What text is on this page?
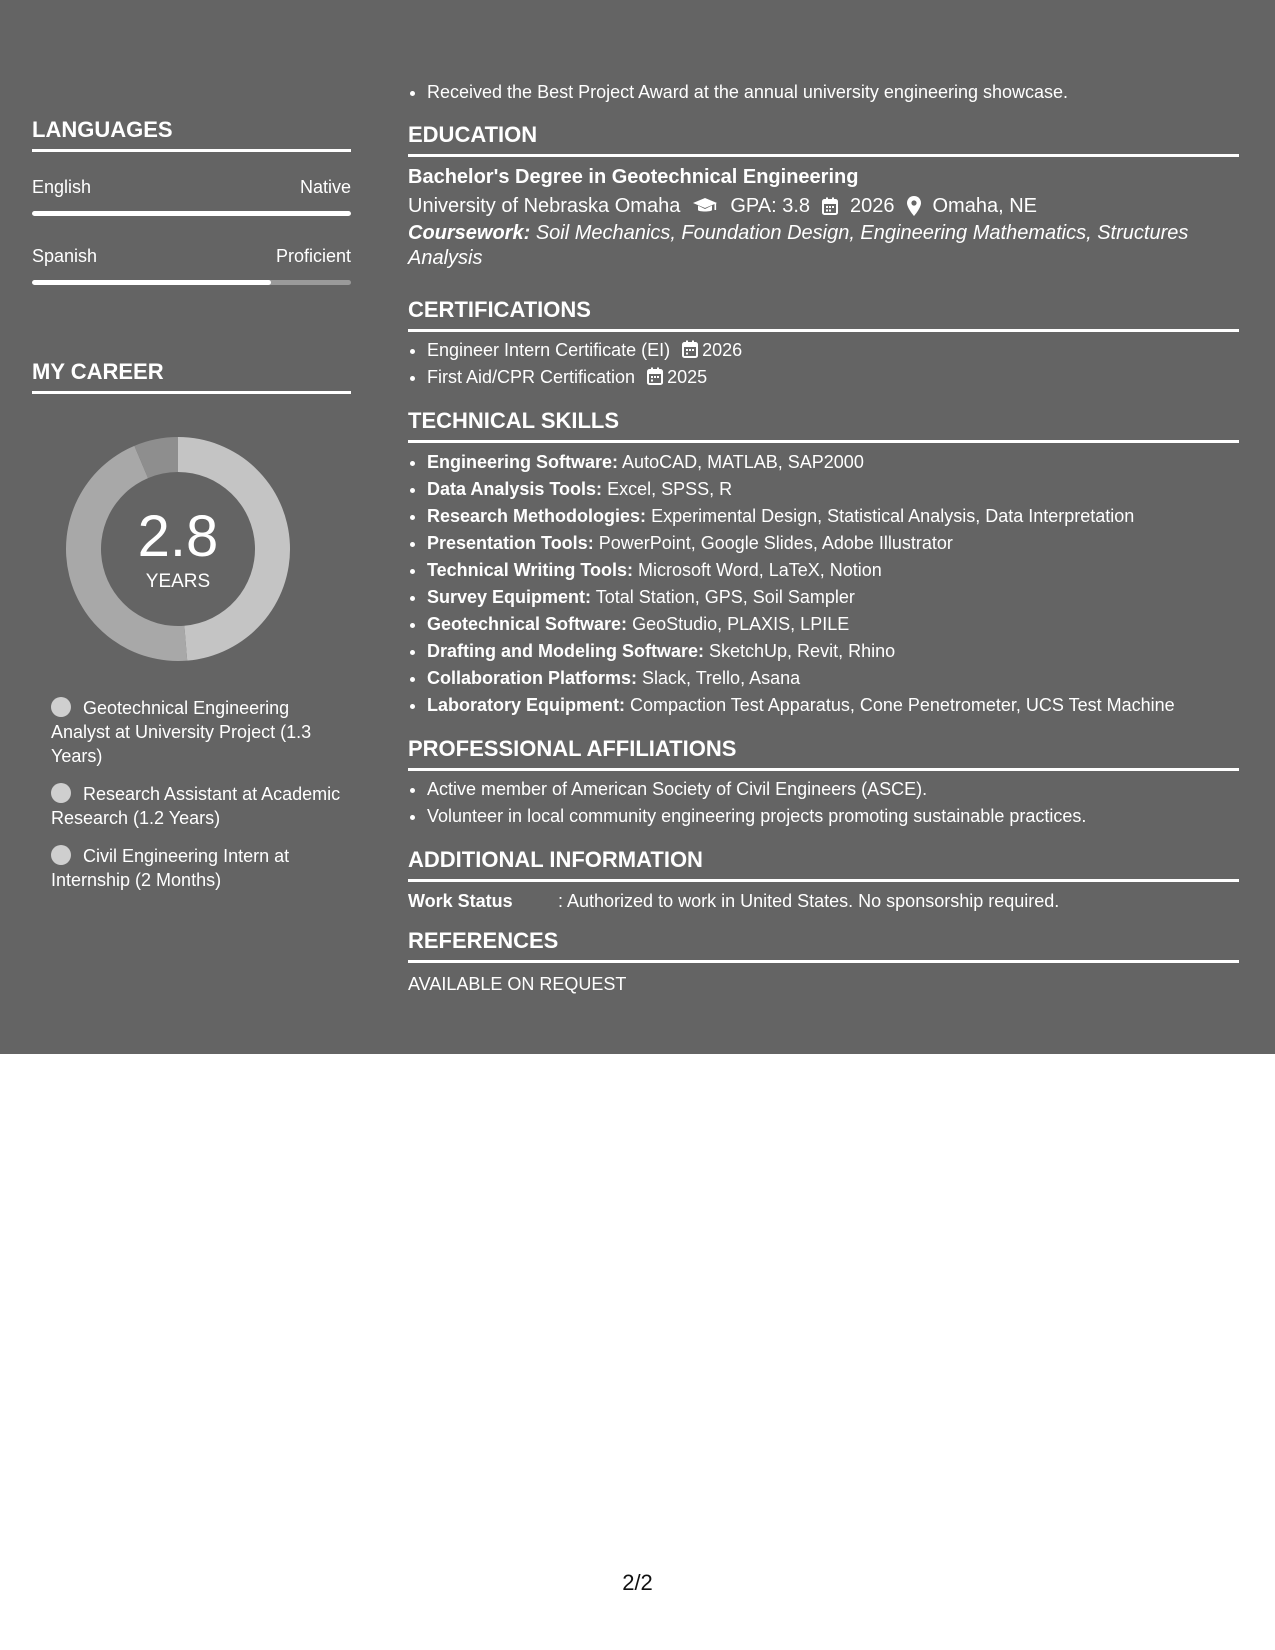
LANGUAGES
English	Native
Spanish	Proficient
MY CAREER
2.8
YEARS
Geotechnical Engineering Analyst at University Project (1.3 Years)
Research Assistant at Academic Research (1.2 Years)
Civil Engineering Intern at Internship (2 Months)
• Received the Best Project Award at the annual university engineering showcase.
EDUCATION
Bachelor's Degree in Geotechnical Engineering
University of Nebraska Omaha	GPA: 3.8 2026 Omaha, NE
Coursework: Soil Mechanics, Foundation Design, Engineering Mathematics, Structures Analysis
CERTIFICATIONS
• Engineer Intern Certificate (EI) 2026
• First Aid/CPR Certification 2025
TECHNICAL SKILLS
• Engineering Software: AutoCAD, MATLAB, SAP2000
• Data Analysis Tools: Excel, SPSS, R
• Research Methodologies: Experimental Design, Statistical Analysis, Data Interpretation
• Presentation Tools: PowerPoint, Google Slides, Adobe Illustrator
• Technical Writing Tools: Microsoft Word, LaTeX, Notion
• Survey Equipment: Total Station, GPS, Soil Sampler
• Geotechnical Software: GeoStudio, PLAXIS, LPILE
• Drafting and Modeling Software: SketchUp, Revit, Rhino
• Collaboration Platforms: Slack, Trello, Asana
• Laboratory Equipment: Compaction Test Apparatus, Cone Penetrometer, UCS Test Machine
PROFESSIONAL AFFILIATIONS
• Active member of American Society of Civil Engineers (ASCE).
• Volunteer in local community engineering projects promoting sustainable practices.
ADDITIONAL INFORMATION
Work Status	: Authorized to work in United States. No sponsorship required.
REFERENCES
AVAILABLE ON REQUEST
2/2
